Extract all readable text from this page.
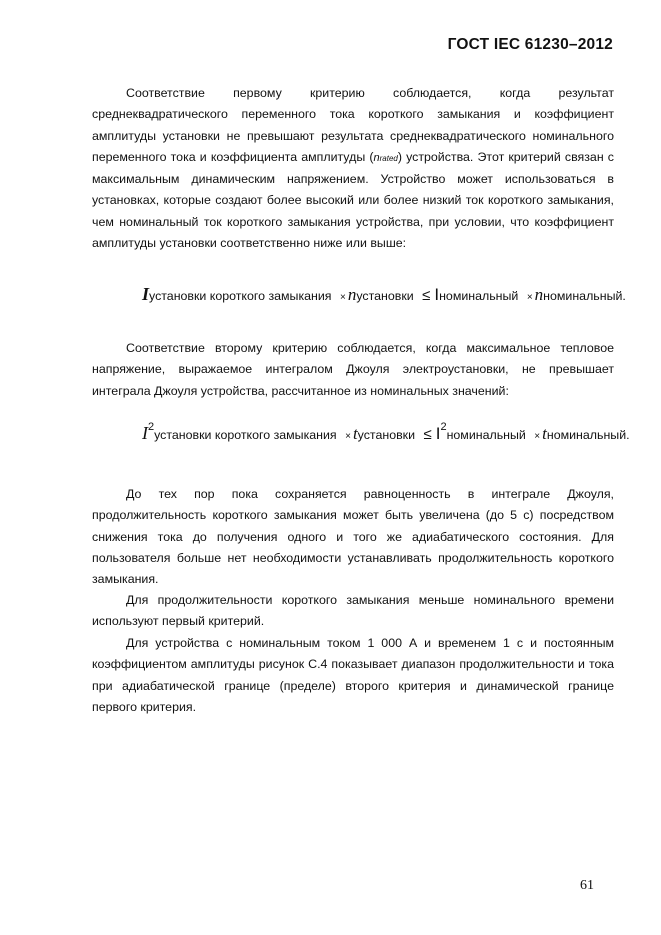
ГОСТ IEC 61230–2012

Соответствие первому критерию соблюдается, когда результат среднеквадратического переменного тока короткого замыкания и коэффициент амплитуды установки не превышают результата среднеквадратического номинального переменного тока и коэффициента амплитуды (nrated) устройства. Этот критерий связан с максимальным динамическим напряжением. Устройство может использоваться в установках, которые создают более высокий или более низкий ток короткого замыкания, чем номинальный ток короткого замыкания устройства, при условии, что коэффициент амплитуды установки соответственно ниже или выше:

Iустановки короткого замыкания × nустановки ≤ Iноминальный × nноминальный.

Соответствие второму критерию соблюдается, когда максимальное тепловое напряжение, выражаемое интегралом Джоуля электроустановки, не превышает интеграла Джоуля устройства, рассчитанное из номинальных значений:

I2установки короткого замыкания × tустановки ≤ I2номинальный × tноминальный.

До тех пор пока сохраняется равноценность в интеграле Джоуля, продолжительность короткого замыкания может быть увеличена (до 5 с) посредством снижения тока до получения одного и того же адиабатического состояния. Для пользователя больше нет необходимости устанавливать продолжительность короткого замыкания.

Для продолжительности короткого замыкания меньше номинального времени используют первый критерий.

Для устройства с номинальным током 1 000 А и временем 1 с и постоянным коэффициентом амплитуды рисунок С.4 показывает диапазон продолжительности и тока при адиабатической границе (пределе) второго критерия и динамической границе первого критерия.

61
